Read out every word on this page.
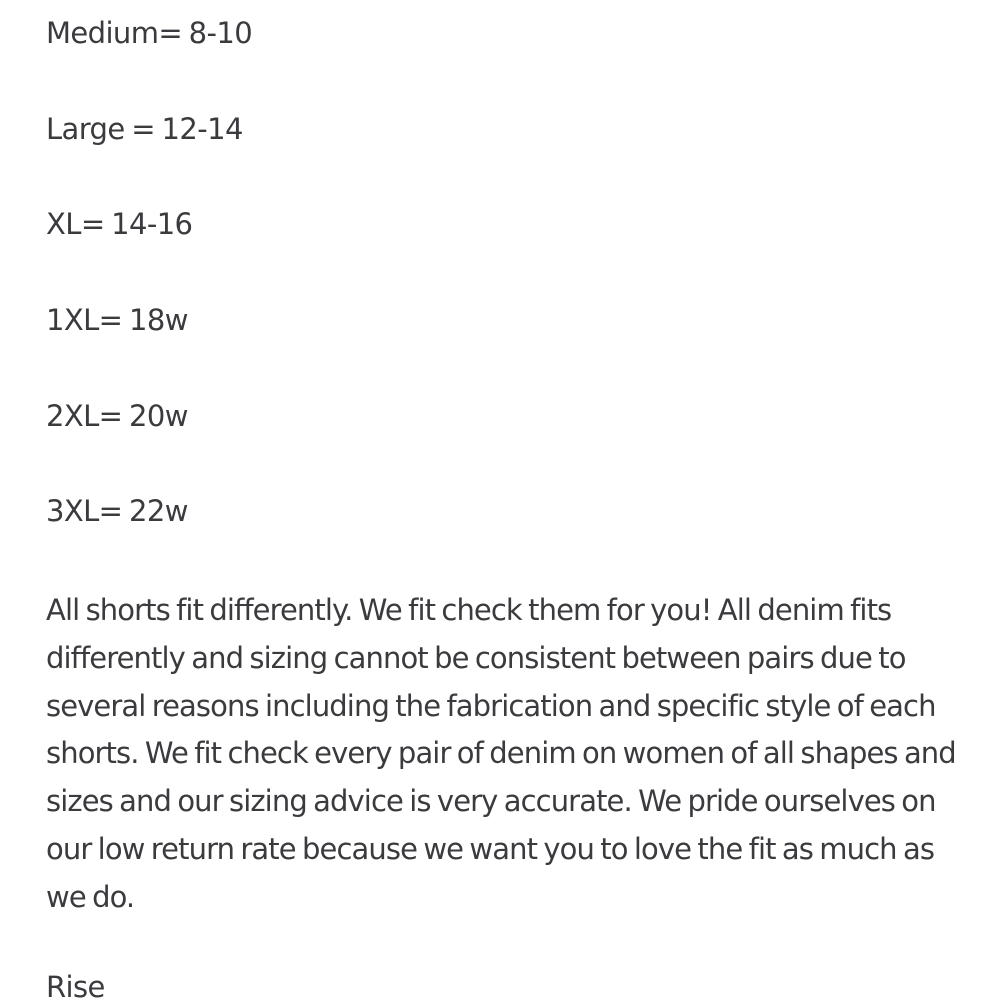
Medium= 8-10
Large = 12-14
XL= 14-16
1XL= 18w
2XL= 20w
3XL= 22w

All shorts fit differently. We fit check them for you! All denim fits differently and sizing cannot be consistent between pairs due to several reasons including the fabrication and specific style of each shorts. We fit check every pair of denim on women of all shapes and sizes and our sizing advice is very accurate. We pride ourselves on our low return rate because we want you to love the fit as much as we do.

Rise
